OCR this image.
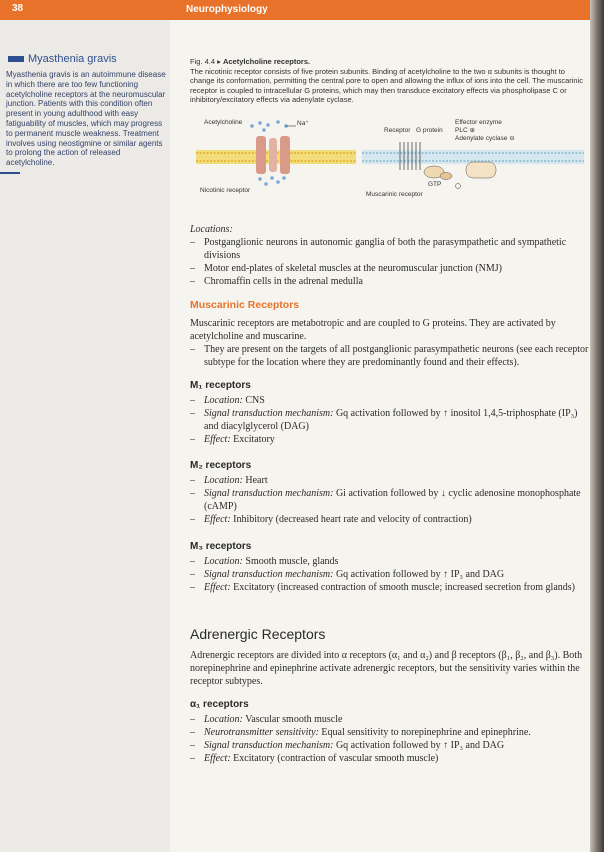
38	Neurophysiology
Myasthenia gravis
Myasthenia gravis is an autoimmune disease in which there are too few functioning acetylcholine receptors at the neuromuscular junction. Patients with this condition often present in young adulthood with easy fatiguability of muscles, which may progress to permanent muscle weakness. Treatment involves using neostigmine or similar agents to prolong the action of released acetylcholine.
Fig. 4.4 ▸ Acetylcholine receptors.
The nicotinic receptor consists of five protein subunits. Binding of acetylcholine to the two α subunits is thought to change its conformation, permitting the central pore to open and allowing the influx of ions into the cell. The muscarinic receptor is coupled to intracellular G proteins, which may then transduce excitatory effects via phospholipase C or inhibitory/excitatory effects via adenylate cyclase.
Acetylcholine	Na⁺
Nicotinic receptor
GTP
Receptor G protein
Effector enzyme
PLC ⊕
Adenylate cyclase ⊖
Muscarinic receptor
Locations:
– Postganglionic neurons in autonomic ganglia of both the parasympathetic and sympathetic divisions
– Motor end-plates of skeletal muscles at the neuromuscular junction (NMJ)
– Chromaffin cells in the adrenal medulla
Muscarinic Receptors
Muscarinic receptors are metabotropic and are coupled to G proteins. They are activated by acetylcholine and muscarine.
– They are present on the targets of all postganglionic parasympathetic neurons (see each receptor subtype for the location where they are predominantly found and their effects).
M₁ receptors
– Location: CNS
– Signal transduction mechanism: Gq activation followed by ↑ inositol 1,4,5-triphosphate (IP₃) and diacylglycerol (DAG)
– Effect: Excitatory
M₂ receptors
– Location: Heart
– Signal transduction mechanism: Gi activation followed by ↓ cyclic adenosine monophosphate (cAMP)
– Effect: Inhibitory (decreased heart rate and velocity of contraction)
M₃ receptors
– Location: Smooth muscle, glands
– Signal transduction mechanism: Gq activation followed by ↑ IP₃ and DAG
– Effect: Excitatory (increased contraction of smooth muscle; increased secretion from glands)
Adrenergic Receptors
Adrenergic receptors are divided into α receptors (α₁ and α₂) and β receptors (β₁, β₂, and β₃). Both norepinephrine and epinephrine activate adrenergic receptors, but the sensitivity varies within the receptor subtypes.
α₁ receptors
– Location: Vascular smooth muscle
– Neurotransmitter sensitivity: Equal sensitivity to norepinephrine and epinephrine.
– Signal transduction mechanism: Gq activation followed by ↑ IP₃ and DAG
– Effect: Excitatory (contraction of vascular smooth muscle)
